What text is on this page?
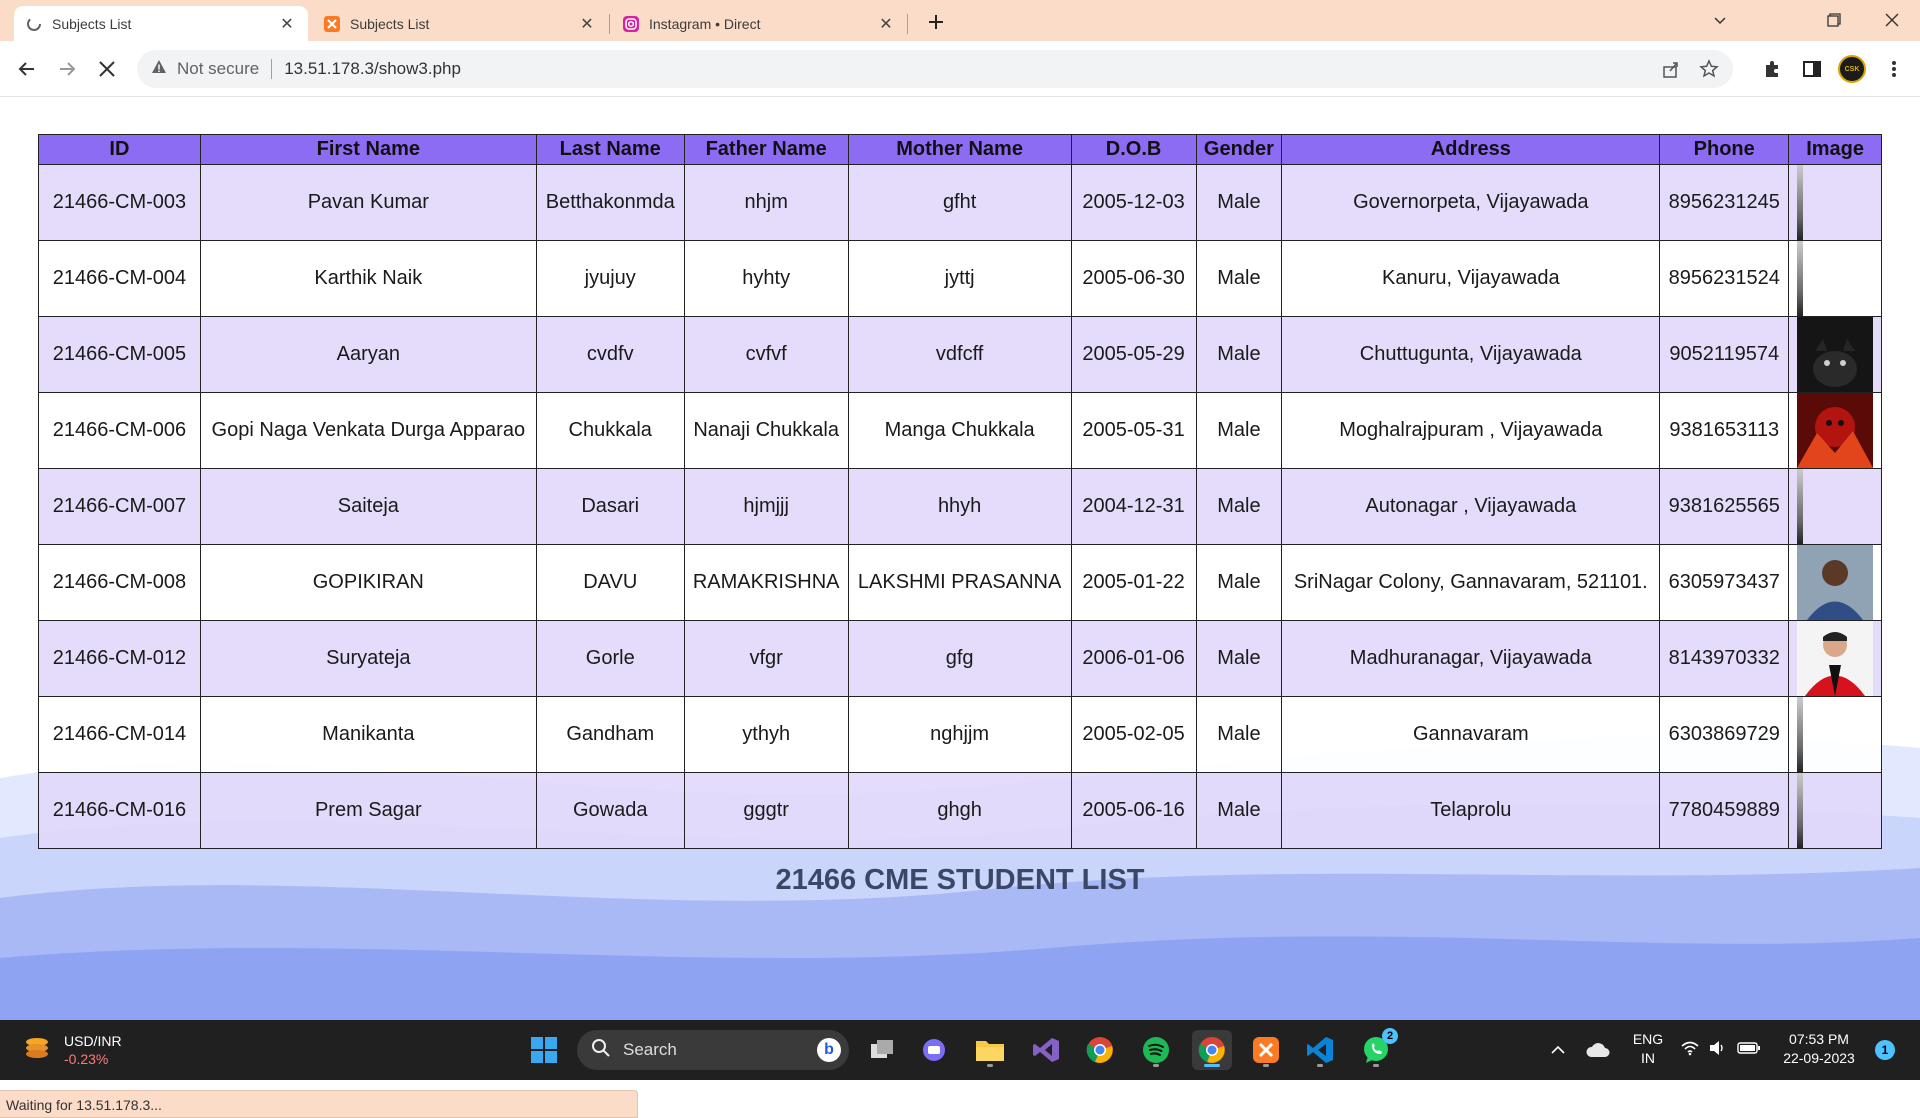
Subjects List	✕	Subjects List	✕	Instagram • Direct	✕
Not secure 13.51.178.3/show3.php	CSK
ID	First Name	Last Name	Father Name	Mother Name	D.O.B	Gender	Address	Phone	Image
21466-CM-003	Pavan Kumar	Betthakonmda	nhjm	gfht	2005-12-03	Male	Governorpeta, Vijayawada	8956231245	

21466-CM-004	Karthik Naik	jyujuy	hyhty	jyttj	2005-06-30	Male	Kanuru, Vijayawada	8956231524	

21466-CM-005	Aaryan	cvdfv	cvfvf	vdfcff	2005-05-29	Male	Chuttugunta, Vijayawada	9052119574	

21466-CM-006	Gopi Naga Venkata Durga Apparao	Chukkala	Nanaji Chukkala	Manga Chukkala	2005-05-31	Male	Moghalrajpuram , Vijayawada	9381653113	

21466-CM-007	Saiteja	Dasari	hjmjjj	hhyh	2004-12-31	Male	Autonagar , Vijayawada	9381625565	

21466-CM-008	GOPIKIRAN	DAVU	RAMAKRISHNA	LAKSHMI PRASANNA	2005-01-22	Male	SriNagar Colony, Gannavaram, 521101.	6305973437	

21466-CM-012	Suryateja	Gorle	vfgr	gfg	2006-01-06	Male	Madhuranagar, Vijayawada	8143970332	

21466-CM-014	Manikanta	Gandham	ythyh	nghjjm	2005-02-05	Male	Gannavaram	6303869729	

21466-CM-016	Prem Sagar	Gowada	gggtr	ghgh	2005-06-16	Male	Telaprolu	7780459889	
21466 CME STUDENT LIST
Waiting for 13.51.178.3...
USD/INR
-0.23%	Search	b
2	ENG
IN
07:53 PM
22-09-2023	1
